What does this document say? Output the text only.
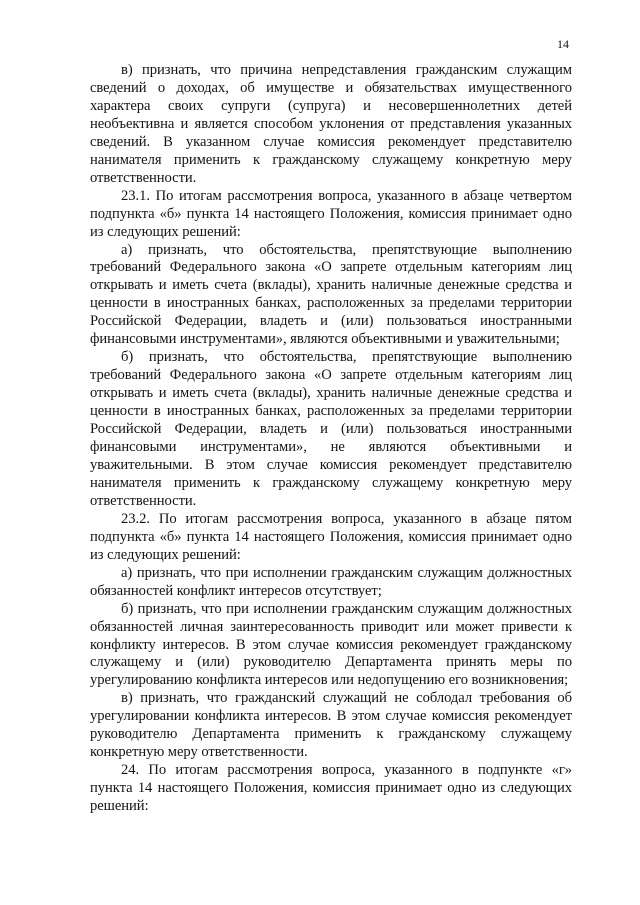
14

в) признать, что причина непредставления гражданским служащим сведений о доходах, об имуществе и обязательствах имущественного характера своих супруги (супруга) и несовершеннолетних детей необъективна и является способом уклонения от представления указанных сведений. В указанном случае комиссия рекомендует представителю нанимателя применить к гражданскому служащему конкретную меру ответственности.

23.1. По итогам рассмотрения вопроса, указанного в абзаце четвертом подпункта «б» пункта 14 настоящего Положения, комиссия принимает одно из следующих решений:

а) признать, что обстоятельства, препятствующие выполнению требований Федерального закона «О запрете отдельным категориям лиц открывать и иметь счета (вклады), хранить наличные денежные средства и ценности в иностранных банках, расположенных за пределами территории Российской Федерации, владеть и (или) пользоваться иностранными финансовыми инструментами», являются объективными и уважительными;

б) признать, что обстоятельства, препятствующие выполнению требований Федерального закона «О запрете отдельным категориям лиц открывать и иметь счета (вклады), хранить наличные денежные средства и ценности в иностранных банках, расположенных за пределами территории Российской Федерации, владеть и (или) пользоваться иностранными финансовыми инструментами», не являются объективными и уважительными. В этом случае комиссия рекомендует представителю нанимателя применить к гражданскому служащему конкретную меру ответственности.

23.2. По итогам рассмотрения вопроса, указанного в абзаце пятом подпункта «б» пункта 14 настоящего Положения, комиссия принимает одно из следующих решений:

а) признать, что при исполнении гражданским служащим должностных обязанностей конфликт интересов отсутствует;

б) признать, что при исполнении гражданским служащим должностных обязанностей личная заинтересованность приводит или может привести к конфликту интересов. В этом случае комиссия рекомендует гражданскому служащему и (или) руководителю Департамента принять меры по урегулированию конфликта интересов или недопущению его возникновения;

в) признать, что гражданский служащий не соблодал требования об урегулировании конфликта интересов. В этом случае комиссия рекомендует руководителю Департамента применить к гражданскому служащему конкретную меру ответственности.

24. По итогам рассмотрения вопроса, указанного в подпункте «г» пункта 14 настоящего Положения, комиссия принимает одно из следующих решений:
